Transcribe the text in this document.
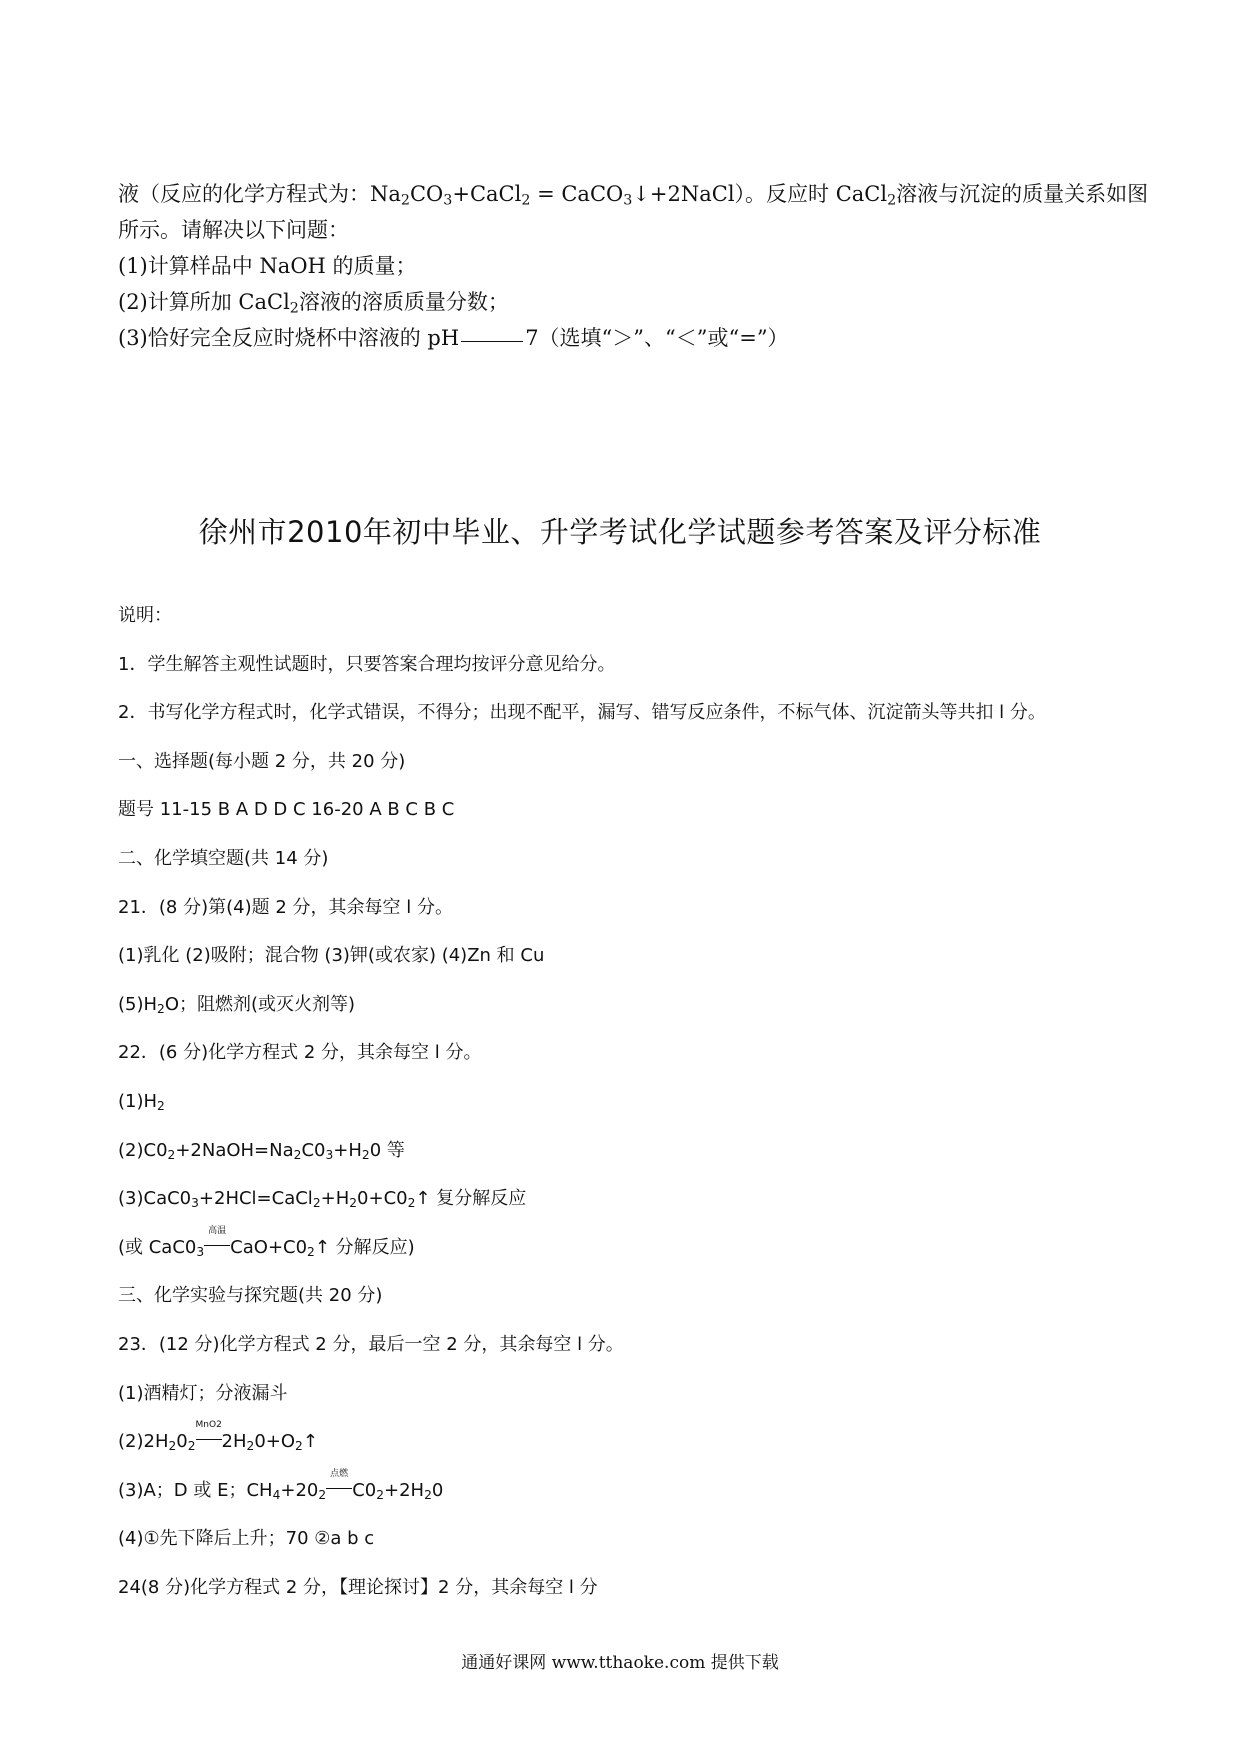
液（反应的化学方程式为：$Na_2CO_3+CaCl_2$ = CaCO$_3$↓+2NaCl）。反应时 CaCl$_2$溶液与沉淀的质量关系如图

所示。请解决以下问题：

(1)计算样品中 NaOH 的质量；

(2)计算所加 CaCl$_2$溶液的溶质质量分数；

(3)恰好完全反应时烧杯中溶液的 pH	7（选填“＞”、“＜”或“=”）

徐州市2010年初中毕业、升学考试化学试题参考答案及评分标准

说明：

1．学生解答主观性试题时，只要答案合理均按评分意见给分。

2．书写化学方程式时，化学式错误，不得分；出现不配平，漏写、错写反应条件，不标气体、沉淀箭头等共扣 l 分。

一、选择题(每小题 2 分，共 20 分)

题号 11-15 B A D D C 16-20 A B C B C

二、化学填空题(共 14 分)

21．(8 分)第(4)题 2 分，其余每空 l 分。

(1)乳化 (2)吸附；混合物 (3)钾(或农家) (4)Zn 和 Cu

$(5)H_2O$；阻燃剂(或灭火剂等)

22．(6 分)化学方程式 2 分，其余每空 l 分。

$(1)H_2$

$(2)C0_2+2NaOH=Na_2C0_3+H_20$ 等

$(3)CaC0_3+2HCl=CaCl_2+H_20+C0_2↑$ 复分解反应

(或 $CaC0_3$
高温
$CaO+C0_2↑$ 分解反应)

三、化学实验与探究题(共 20 分)

23．(12 分)化学方程式 2 分，最后一空 2 分，其余每空 l 分。

(1)酒精灯；分液漏斗

$(2)2H_20_2$
MnO2
$2H_20+O_2↑$

(3)A；D 或 E；$CH_4+20_2$
点燃
$C0_2+2H_20$

(4)①先下降后上升；70 ②a b c

24(8 分)化学方程式 2 分，【理论探讨】2 分，其余每空 l 分

通通好课网 www.tthaoke.com 提供下载
